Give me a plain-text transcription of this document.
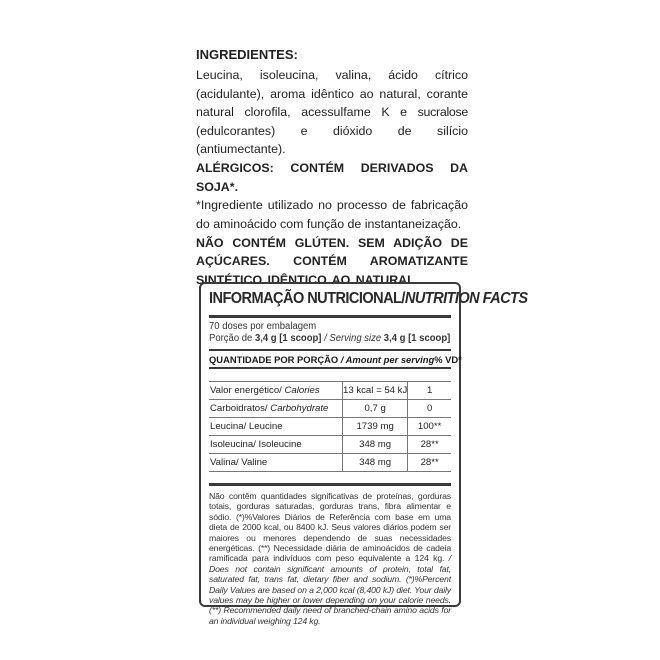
INGREDIENTES:
Leucina, isoleucina, valina, ácido cítrico (acidulante), aroma idêntico ao natural, corante natural clorofila, acessulfame K e sucralose (edulcorantes) e dióxido de silício (antiumectante).
ALÉRGICOS: CONTÉM DERIVADOS DA SOJA*.
*Ingrediente utilizado no processo de fabricação do aminoácido com função de instantaneização.
NÃO CONTÉM GLÚTEN. SEM ADIÇÃO DE AÇÚCARES. CONTÉM AROMATIZANTE SINTÉTICO IDÊNTICO AO NATURAL.
INFORMAÇÃO NUTRICIONAL/NUTRITION FACTS
70 doses por embalagem
Porção de 3,4 g [1 scoop] / Serving size 3,4 g [1 scoop]
QUANTIDADE POR PORÇÃO / Amount per serving % VD*
Valor energético/ Calories	13 kcal = 54 kJ	1
Carboidratos/ Carbohydrate	0,7 g	0
Leucina/ Leucine	1739 mg	100**
Isoleucina/ Isoleucine	348 mg	28**
Valina/ Valine	348 mg	28**
Não contêm quantidades significativas de proteínas, gorduras totais, gorduras saturadas, gorduras trans, fibra alimentar e sódio. (*)%Valores Diários de Referência com base em uma dieta de 2000 kcal, ou 8400 kJ. Seus valores diários podem ser maiores ou menores dependendo de suas necessidades energéticas. (**) Necessidade diária de aminoácidos de cadeia ramificada para indivíduos com peso equivalente a 124 kg. / Does not contain significant amounts of protein, total fat, saturated fat, trans fat, dietary fiber and sodium. (*)%Percent Daily Values are based on a 2,000 kcal (8,400 kJ) diet. Your daily values may be higher or lower depending on your calorie needs. (**) Recommended daily need of branched-chain amino acids for an individual weighing 124 kg.
